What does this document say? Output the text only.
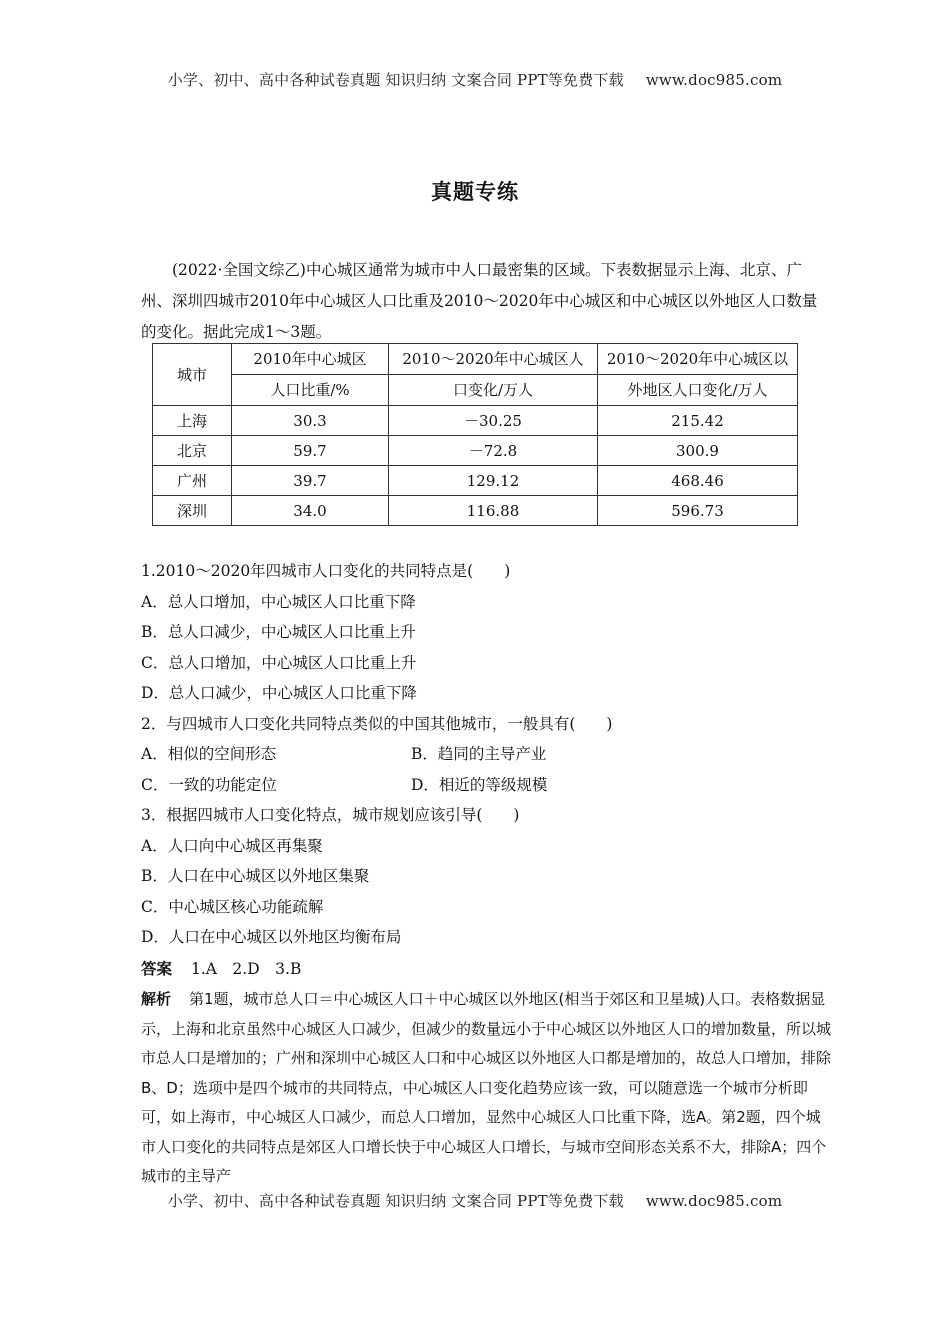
小学、初中、高中各种试卷真题 知识归纳 文案合同 PPT等免费下载 www.doc985.com
真题专练
(2022·全国文综乙)中心城区通常为城市中人口最密集的区域。下表数据显示上海、北京、广州、深圳四城市2010年中心城区人口比重及2010～2020年中心城区和中心城区以外地区人口数量的变化。据此完成1～3题。
城市	2010年中心城区	2010～2020年中心城区人	2010～2020年中心城区以
	人口比重/%	口变化/万人	外地区人口变化/万人
上海	30.3	－30.25	215.42
北京	59.7	－72.8	300.9
广州	39.7	129.12	468.46
深圳	34.0	116.88	596.73
1.2010～2020年四城市人口变化的共同特点是(　　)
A．总人口增加，中心城区人口比重下降
B．总人口减少，中心城区人口比重上升
C．总人口增加，中心城区人口比重上升
D．总人口减少，中心城区人口比重下降
2．与四城市人口变化共同特点类似的中国其他城市，一般具有(　　)
A．相似的空间形态	B．趋同的主导产业
C．一致的功能定位	D．相近的等级规模
3．根据四城市人口变化特点，城市规划应该引导(　　)
A．人口向中心城区再集聚
B．人口在中心城区以外地区集聚
C．中心城区核心功能疏解
D．人口在中心城区以外地区均衡布局
答案 1.A　2.D　3.B
解析 第1题，城市总人口＝中心城区人口＋中心城区以外地区(相当于郊区和卫星城)人口。表格数据显示，上海和北京虽然中心城区人口减少，但减少的数量远小于中心城区以外地区人口的增加数量，所以城市总人口是增加的；广州和深圳中心城区人口和中心城区以外地区人口都是增加的，故总人口增加，排除B、D；选项中是四个城市的共同特点，中心城区人口变化趋势应该一致，可以随意选一个城市分析即可，如上海市，中心城区人口减少，而总人口增加，显然中心城区人口比重下降，选A。第2题，四个城市人口变化的共同特点是郊区人口增长快于中心城区人口增长，与城市空间形态关系不大，排除A；四个城市的主导产
小学、初中、高中各种试卷真题 知识归纳 文案合同 PPT等免费下载 www.doc985.com
